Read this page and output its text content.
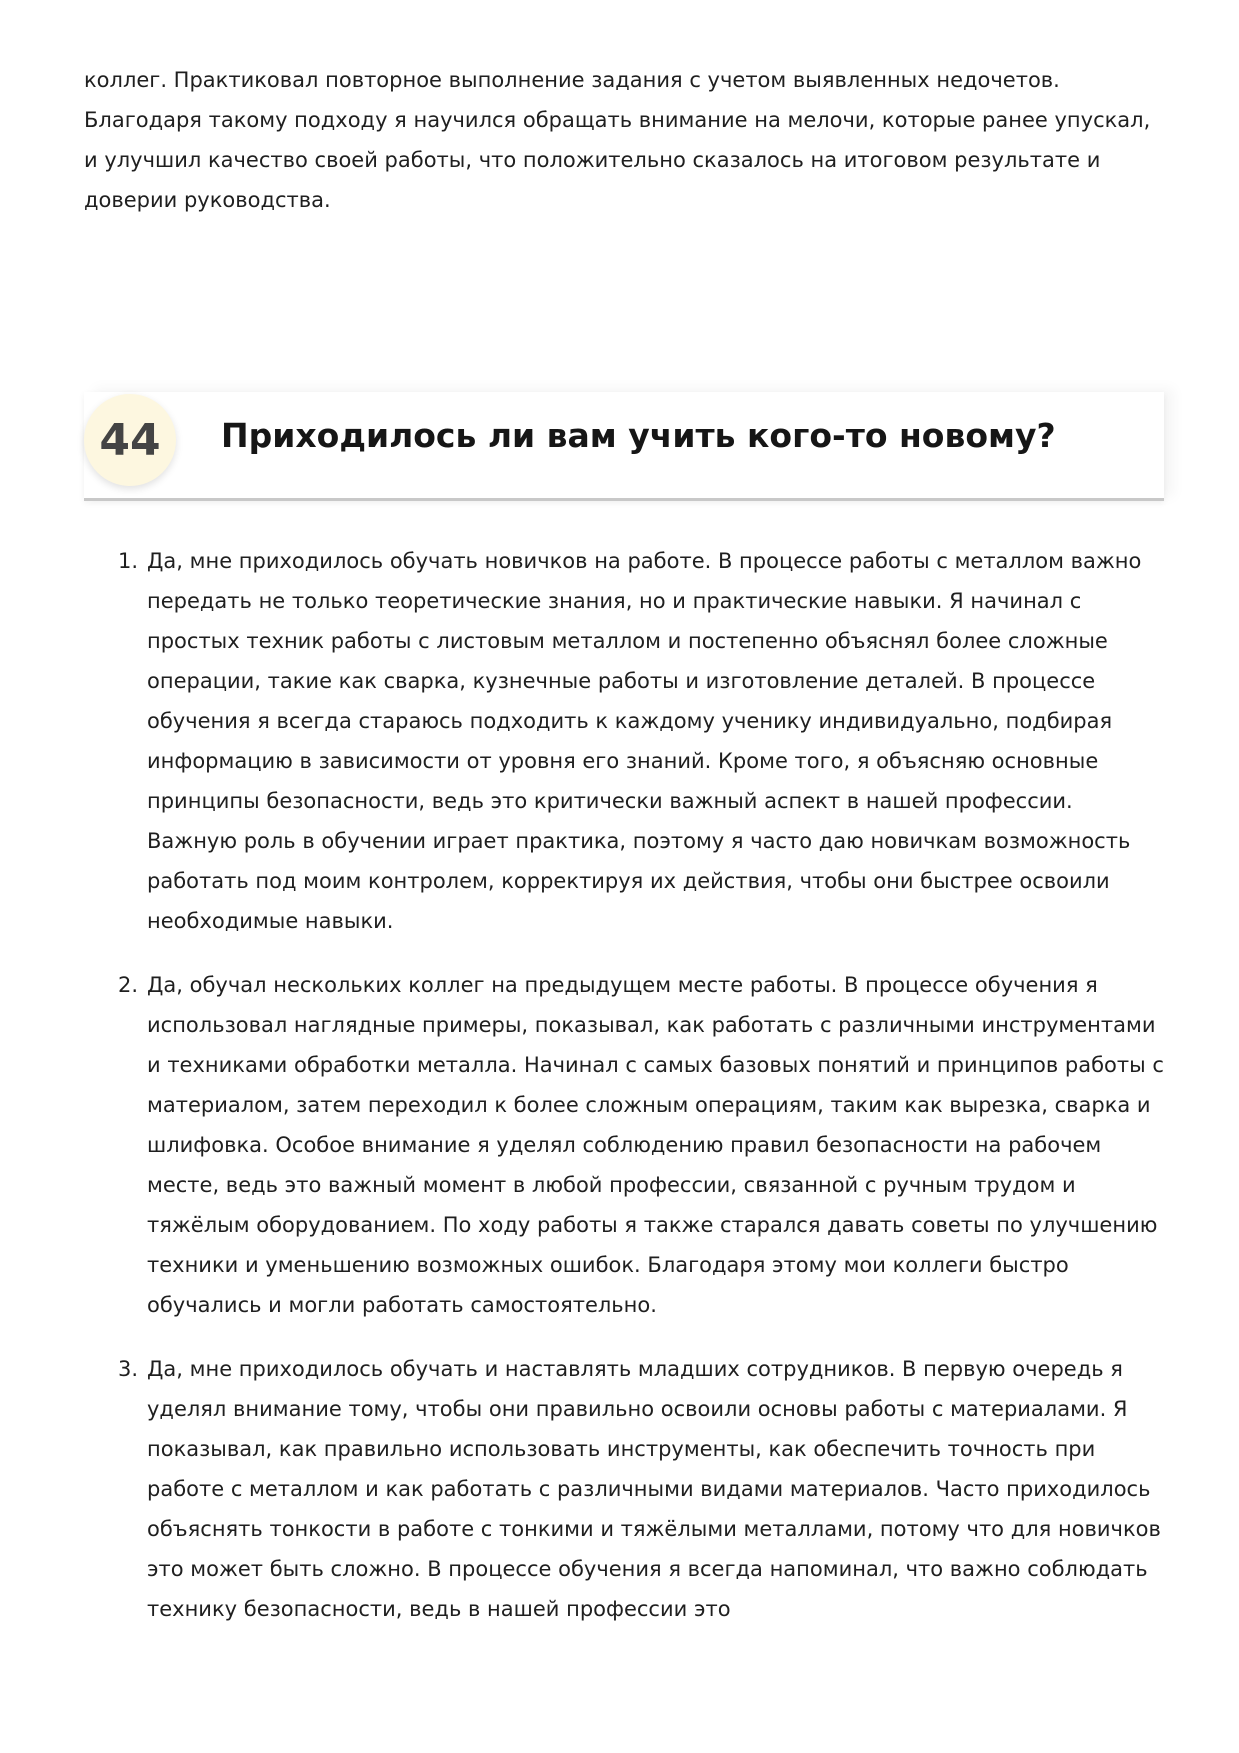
коллег. Практиковал повторное выполнение задания с учетом выявленных недочетов. Благодаря такому подходу я научился обращать внимание на мелочи, которые ранее упускал, и улучшил качество своей работы, что положительно сказалось на итоговом результате и доверии руководства.

44	Приходилось ли вам учить кого-то новому?
1. Да, мне приходилось обучать новичков на работе. В процессе работы с металлом важно передать не только теоретические знания, но и практические навыки. Я начинал с простых техник работы с листовым металлом и постепенно объяснял более сложные операции, такие как сварка, кузнечные работы и изготовление деталей. В процессе обучения я всегда стараюсь подходить к каждому ученику индивидуально, подбирая информацию в зависимости от уровня его знаний. Кроме того, я объясняю основные принципы безопасности, ведь это критически важный аспект в нашей профессии. Важную роль в обучении играет практика, поэтому я часто даю новичкам возможность работать под моим контролем, корректируя их действия, чтобы они быстрее освоили необходимые навыки.
2. Да, обучал нескольких коллег на предыдущем месте работы. В процессе обучения я использовал наглядные примеры, показывал, как работать с различными инструментами и техниками обработки металла. Начинал с самых базовых понятий и принципов работы с материалом, затем переходил к более сложным операциям, таким как вырезка, сварка и шлифовка. Особое внимание я уделял соблюдению правил безопасности на рабочем месте, ведь это важный момент в любой профессии, связанной с ручным трудом и тяжёлым оборудованием. По ходу работы я также старался давать советы по улучшению техники и уменьшению возможных ошибок. Благодаря этому мои коллеги быстро обучались и могли работать самостоятельно.
3. Да, мне приходилось обучать и наставлять младших сотрудников. В первую очередь я уделял внимание тому, чтобы они правильно освоили основы работы с материалами. Я показывал, как правильно использовать инструменты, как обеспечить точность при работе с металлом и как работать с различными видами материалов. Часто приходилось объяснять тонкости в работе с тонкими и тяжёлыми металлами, потому что для новичков это может быть сложно. В процессе обучения я всегда напоминал, что важно соблюдать технику безопасности, ведь в нашей профессии это
